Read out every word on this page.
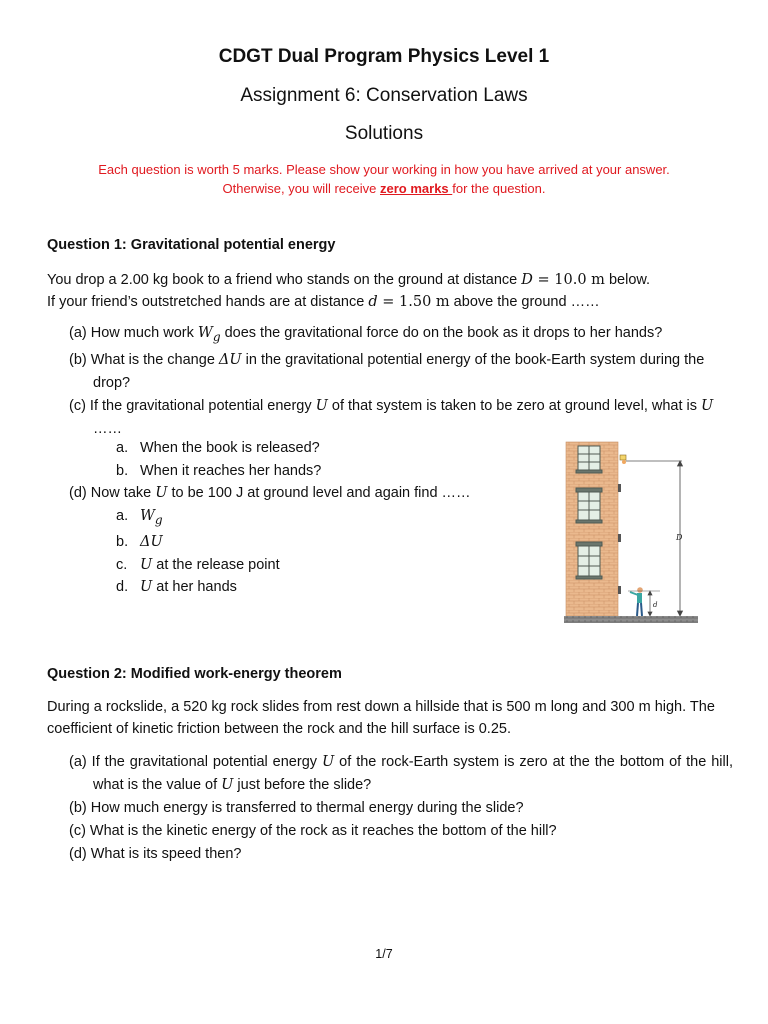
CDGT Dual Program Physics Level 1
Assignment 6: Conservation Laws
Solutions
Each question is worth 5 marks. Please show your working in how you have arrived at your answer.
Otherwise, you will receive zero marks for the question.
Question 1: Gravitational potential energy
You drop a 2.00 kg book to a friend who stands on the ground at distance D = 10.0 m below.
If your friend’s outstretched hands are at distance d = 1.50 m above the ground ……
(a) How much work $W_g$ does the gravitational force do on the book as it drops to her hands?
(b) What is the change ΔU in the gravitational potential energy of the book-Earth system during the drop?
(c) If the gravitational potential energy U of that system is taken to be zero at ground level, what is U ……
a. When the book is released?
b. When it reaches her hands?
(d) Now take U to be 100 J at ground level and again find ……
a. $W_g$
b. ΔU
c. U at the release point
d. U at her hands
D
d
Question 2: Modified work-energy theorem
During a rockslide, a 520 kg rock slides from rest down a hillside that is 500 m long and 300 m high. The coefficient of kinetic friction between the rock and the hill surface is 0.25.
(a) If the gravitational potential energy U of the rock-Earth system is zero at the the bottom of the hill, what is the value of U just before the slide?
(b) How much energy is transferred to thermal energy during the slide?
(c) What is the kinetic energy of the rock as it reaches the bottom of the hill?
(d) What is its speed then?
1/7
